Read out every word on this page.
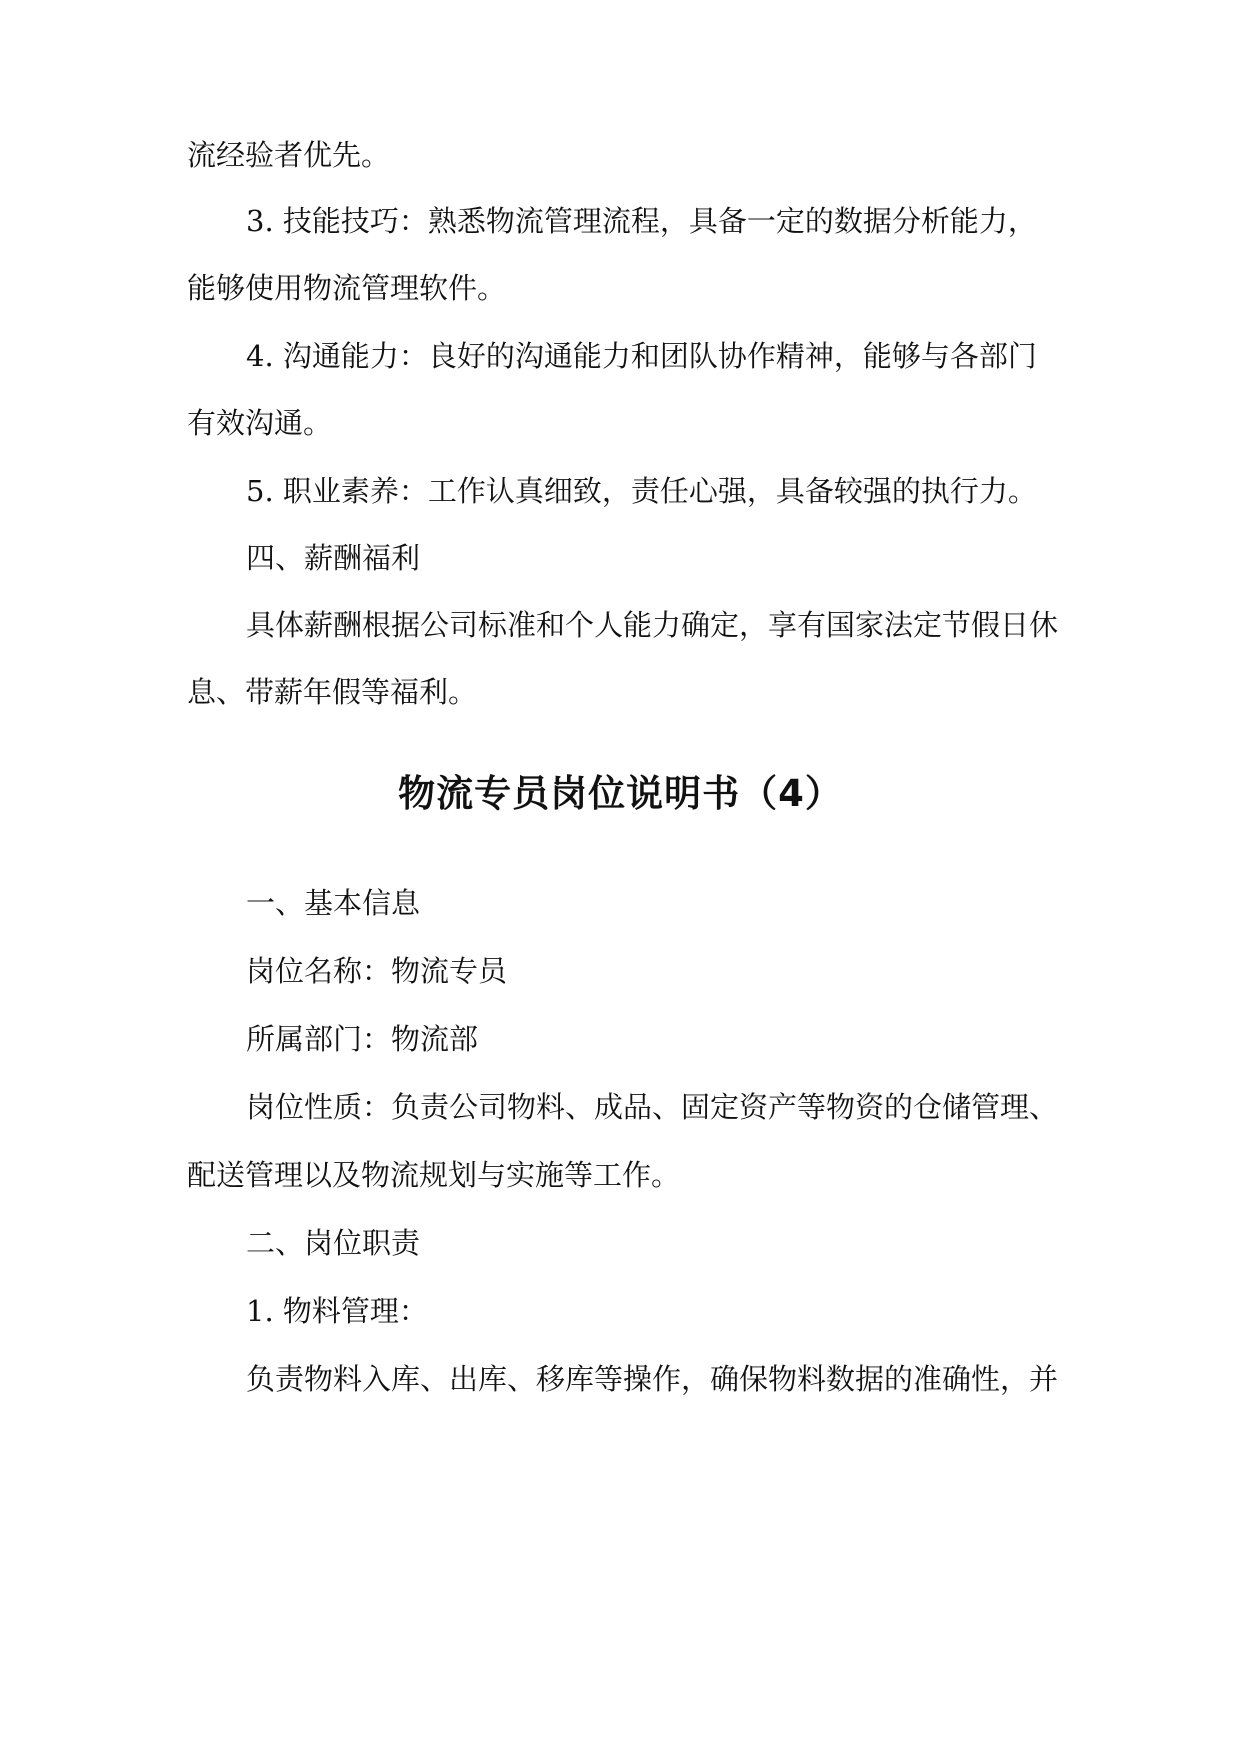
流经验者优先。
3. 技能技巧：熟悉物流管理流程，具备一定的数据分析能力，
能够使用物流管理软件。
4. 沟通能力：良好的沟通能力和团队协作精神，能够与各部门
有效沟通。
5. 职业素养：工作认真细致，责任心强，具备较强的执行力。
四、薪酬福利
具体薪酬根据公司标准和个人能力确定，享有国家法定节假日休
息、带薪年假等福利。
物流专员岗位说明书（4）
一、基本信息
岗位名称：物流专员
所属部门：物流部
岗位性质：负责公司物料、成品、固定资产等物资的仓储管理、
配送管理以及物流规划与实施等工作。
二、岗位职责
1. 物料管理：
负责物料入库、出库、移库等操作，确保物料数据的准确性，并
